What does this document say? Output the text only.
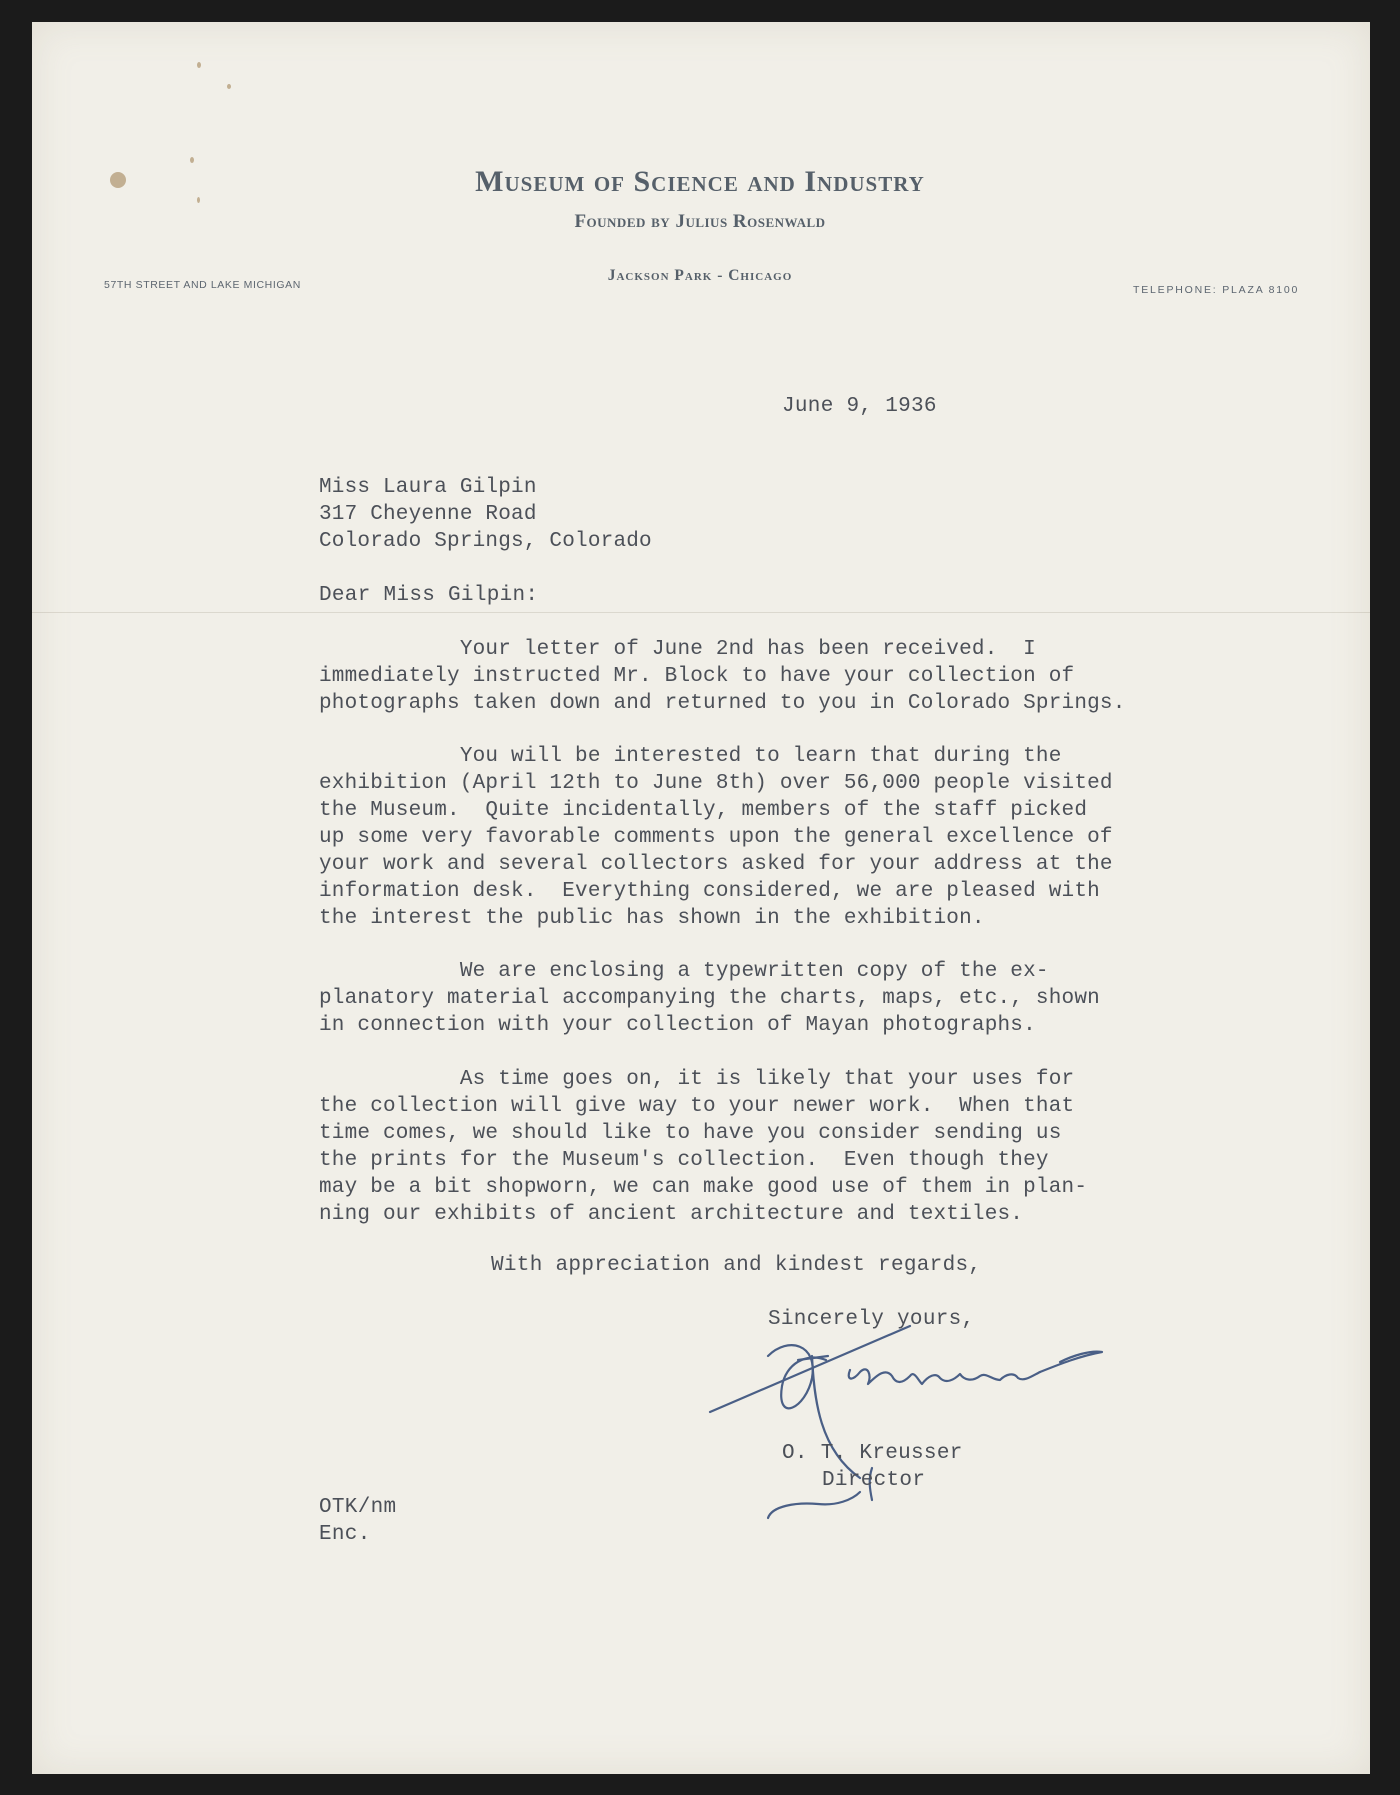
Museum of Science and Industry
Founded by Julius Rosenwald
Jackson Park - Chicago
57TH STREET AND LAKE MICHIGAN	TELEPHONE: PLAZA 8100
June 9, 1936
Miss Laura Gilpin
317 Cheyenne Road
Colorado Springs, Colorado
Dear Miss Gilpin:
Your letter of June 2nd has been received.  I
immediately instructed Mr. Block to have your collection of
photographs taken down and returned to you in Colorado Springs.
You will be interested to learn that during the
exhibition (April 12th to June 8th) over 56,000 people visited
the Museum.  Quite incidentally, members of the staff picked
up some very favorable comments upon the general excellence of
your work and several collectors asked for your address at the
information desk.  Everything considered, we are pleased with
the interest the public has shown in the exhibition.
We are enclosing a typewritten copy of the ex-
planatory material accompanying the charts, maps, etc., shown
in connection with your collection of Mayan photographs.
As time goes on, it is likely that your uses for
the collection will give way to your newer work.  When that
time comes, we should like to have you consider sending us
the prints for the Museum's collection.  Even though they
may be a bit shopworn, we can make good use of them in plan-
ning our exhibits of ancient architecture and textiles.
With appreciation and kindest regards,
Sincerely yours,
O. T. Kreusser
Director
OTK/nm
Enc.
